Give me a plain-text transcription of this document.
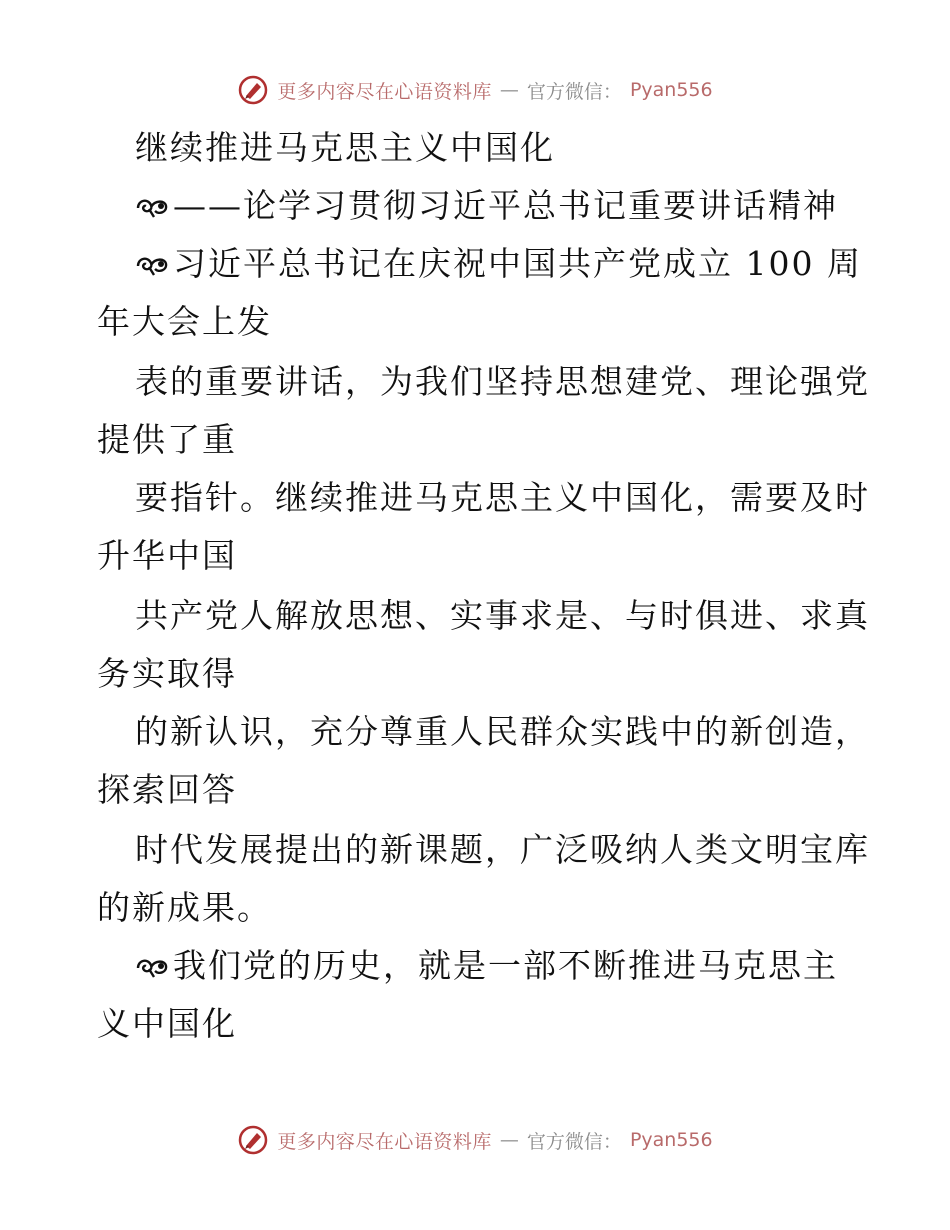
更多内容尽在心语资料库 — 官方微信： Pyan556
继续推进马克思主义中国化
——论学习贯彻习近平总书记重要讲话精神
习近平总书记在庆祝中国共产党成立 100 周
年大会上发
表的重要讲话，为我们坚持思想建党、理论强党
提供了重
要指针。继续推进马克思主义中国化，需要及时
升华中国
共产党人解放思想、实事求是、与时俱进、求真
务实取得
的新认识，充分尊重人民群众实践中的新创造，
探索回答
时代发展提出的新课题，广泛吸纳人类文明宝库
的新成果。
我们党的历史，就是一部不断推进马克思主
义中国化
更多内容尽在心语资料库 — 官方微信： Pyan556
